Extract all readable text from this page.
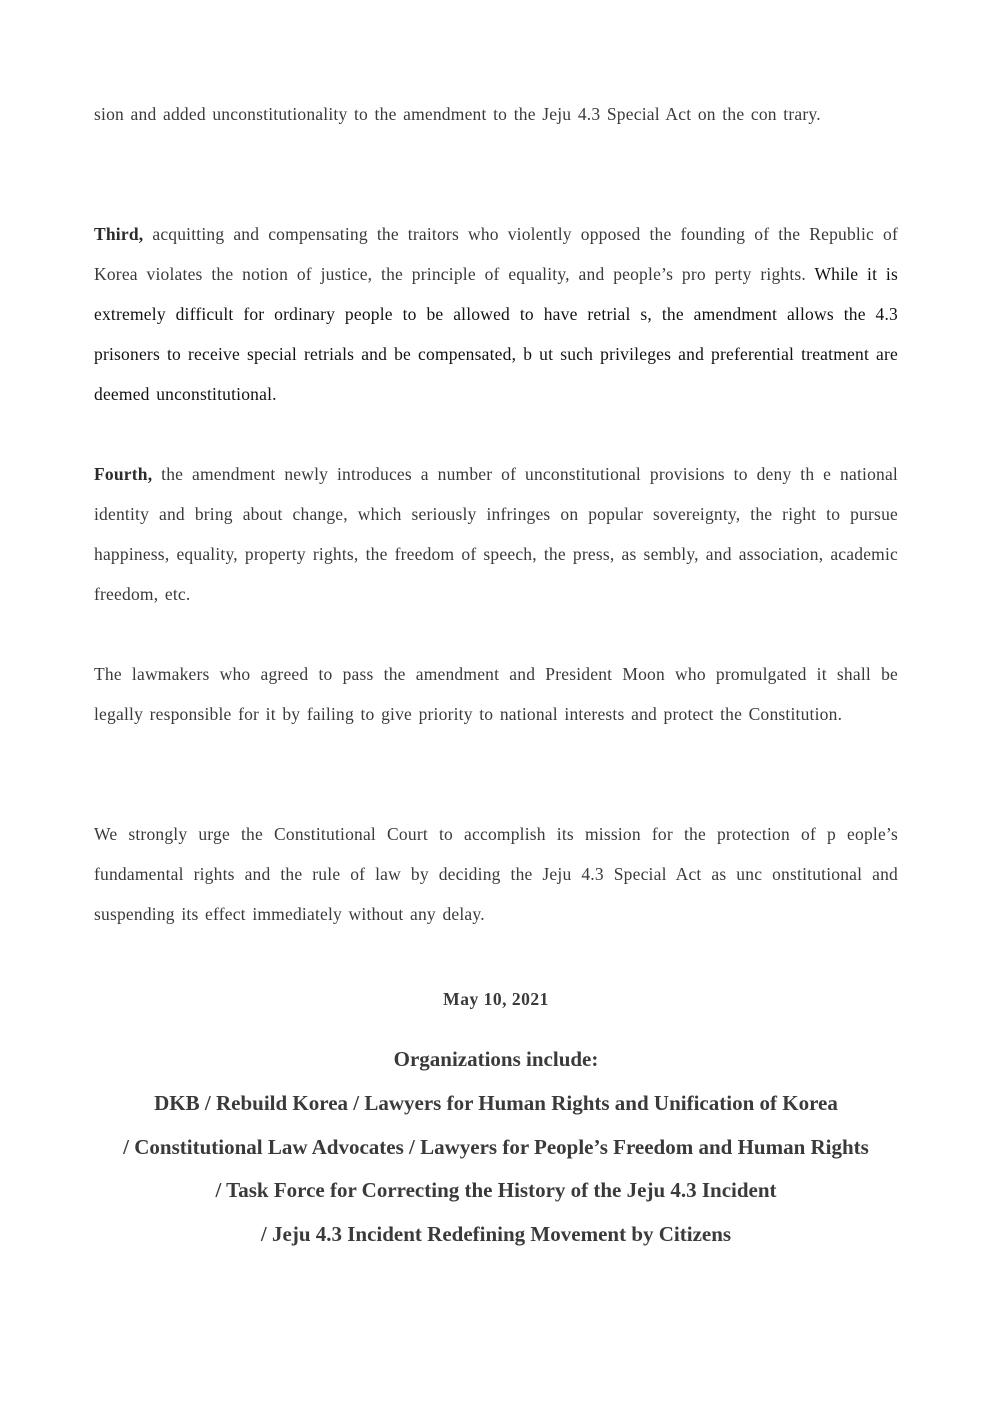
sion and added unconstitutionality to the amendment to the Jeju 4.3 Special Act on the con trary.

Third, acquitting and compensating the traitors who violently opposed the founding of the Republic of Korea violates the notion of justice, the principle of equality, and people’s pro perty rights. While it is extremely difficult for ordinary people to be allowed to have retrial s, the amendment allows the 4.3 prisoners to receive special retrials and be compensated, b ut such privileges and preferential treatment are deemed unconstitutional.

Fourth, the amendment newly introduces a number of unconstitutional provisions to deny th e national identity and bring about change, which seriously infringes on popular sovereignty, the right to pursue happiness, equality, property rights, the freedom of speech, the press, as sembly, and association, academic freedom, etc.

The lawmakers who agreed to pass the amendment and President Moon who promulgated it shall be legally responsible for it by failing to give priority to national interests and protect the Constitution.

We strongly urge the Constitutional Court to accomplish its mission for the protection of p eople’s fundamental rights and the rule of law by deciding the Jeju 4.3 Special Act as unc onstitutional and suspending its effect immediately without any delay.

May 10, 2021
Organizations include:
DKB / Rebuild Korea / Lawyers for Human Rights and Unification of Korea
/ Constitutional Law Advocates / Lawyers for People’s Freedom and Human Rights
/ Task Force for Correcting the History of the Jeju 4.3 Incident
/ Jeju 4.3 Incident Redefining Movement by Citizens
